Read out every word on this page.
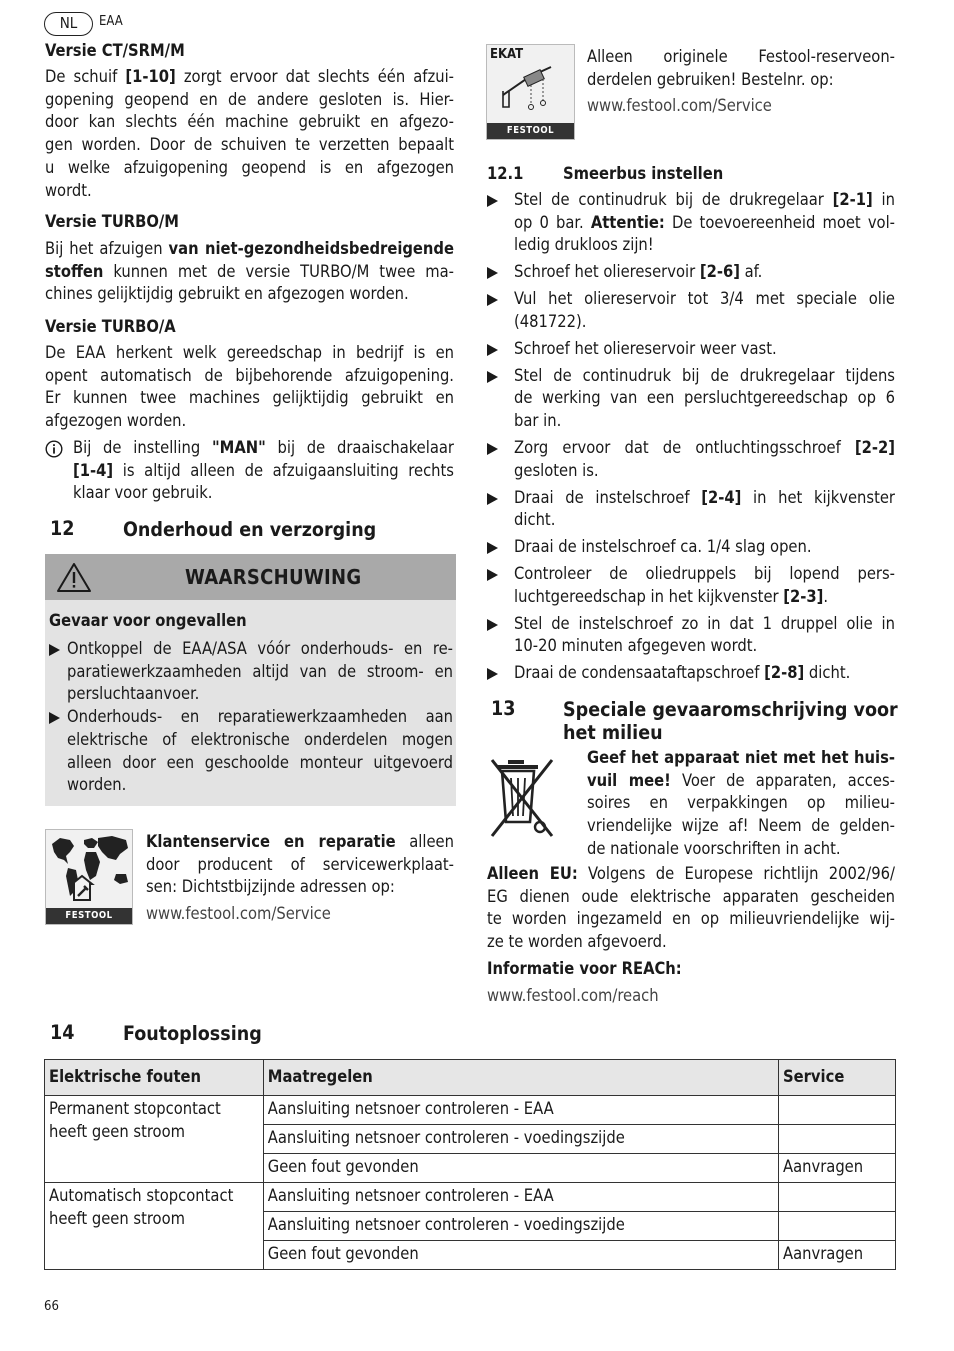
NL	EAA
Versie CT/SRM/M
De schuif [1-10] zorgt ervoor dat slechts één afzui-
gopening geopend en de andere gesloten is. Hier-
door kan slechts één machine gebruikt en afgezo-
gen worden. Door de schuiven te verzetten bepaalt
u welke afzuigopening geopend is en afgezogen
wordt.
Versie TURBO/M
Bij het afzuigen van niet-gezondheidsbedreigende
stoffen kunnen met de versie TURBO/M twee ma-
chines gelijktijdig gebruikt en afgezogen worden.
Versie TURBO/A
De EAA herkent welk gereedschap in bedrijf is en
opent automatisch de bijbehorende afzuigopening.
Er kunnen twee machines gelijktijdig gebruikt en
afgezogen worden.
Bij de instelling "MAN" bij de draaischakelaar
[1-4] is altijd alleen de afzuigaansluiting rechts
klaar voor gebruik.
12 Onderhoud en verzorging
WAARSCHUWING
Gevaar voor ongevallen
Ontkoppel de EAA/ASA vóór onderhouds- en re-
paratiewerkzaamheden altijd van de stroom- en
persluchtaanvoer.
Onderhouds- en reparatiewerkzaamheden aan
elektrische of elektronische onderdelen mogen
alleen door een geschoolde monteur uitgevoerd
worden.
FESTOOL
Klantenservice en reparatie alleen
door producent of servicewerkplaat-
sen: Dichtstbijzijnde adressen op:
www.festool.com/Service
EKAT
FESTOOL
Alleen originele Festool-reserveon-
derdelen gebruiken! Bestelnr. op:
www.festool.com/Service
12.1 Smeerbus instellen
Stel de continudruk bij de drukregelaar [2-1] in
op 0 bar. Attentie: De toevoereenheid moet vol-
ledig drukloos zijn!
Schroef het oliereservoir [2-6] af.
Vul het oliereservoir tot 3/4 met speciale olie
(481722).
Schroef het oliereservoir weer vast.
Stel de continudruk bij de drukregelaar tijdens
de werking van een persluchtgereedschap op 6
bar in.
Zorg ervoor dat de ontluchtingsschroef [2-2]
gesloten is.
Draai de instelschroef [2-4] in het kijkvenster
dicht.
Draai de instelschroef ca. 1/4 slag open.
Controleer de oliedruppels bij lopend pers-
luchtgereedschap in het kijkvenster [2-3].
Stel de instelschroef zo in dat 1 druppel olie in
10-20 minuten afgegeven wordt.
Draai de condensaataftapschroef [2-8] dicht.
13 Speciale gevaaromschrijving voor
het milieu
Geef het apparaat niet met het huis-
vuil mee! Voer de apparaten, acces-
soires en verpakkingen op milieu-
vriendelijke wijze af! Neem de gelden-
de nationale voorschriften in acht.
Alleen EU: Volgens de Europese richtlijn 2002/96/
EG dienen oude elektrische apparaten gescheiden
te worden ingezameld en op milieuvriendelijke wij-
ze te worden afgevoerd.
Informatie voor REACh:
www.festool.com/reach
14 Foutoplossing
Elektrische fouten	Maatregelen	Service

Permanent stopcontact
heeft geen stroom	Aansluiting netsnoer controleren - EAA	
	Aansluiting netsnoer controleren - voedingszijde	
	Geen fout gevonden	Aanvragen

Automatisch stopcontact
heeft geen stroom	Aansluiting netsnoer controleren - EAA	
	Aansluiting netsnoer controleren - voedingszijde	
	Geen fout gevonden	Aanvragen
66
